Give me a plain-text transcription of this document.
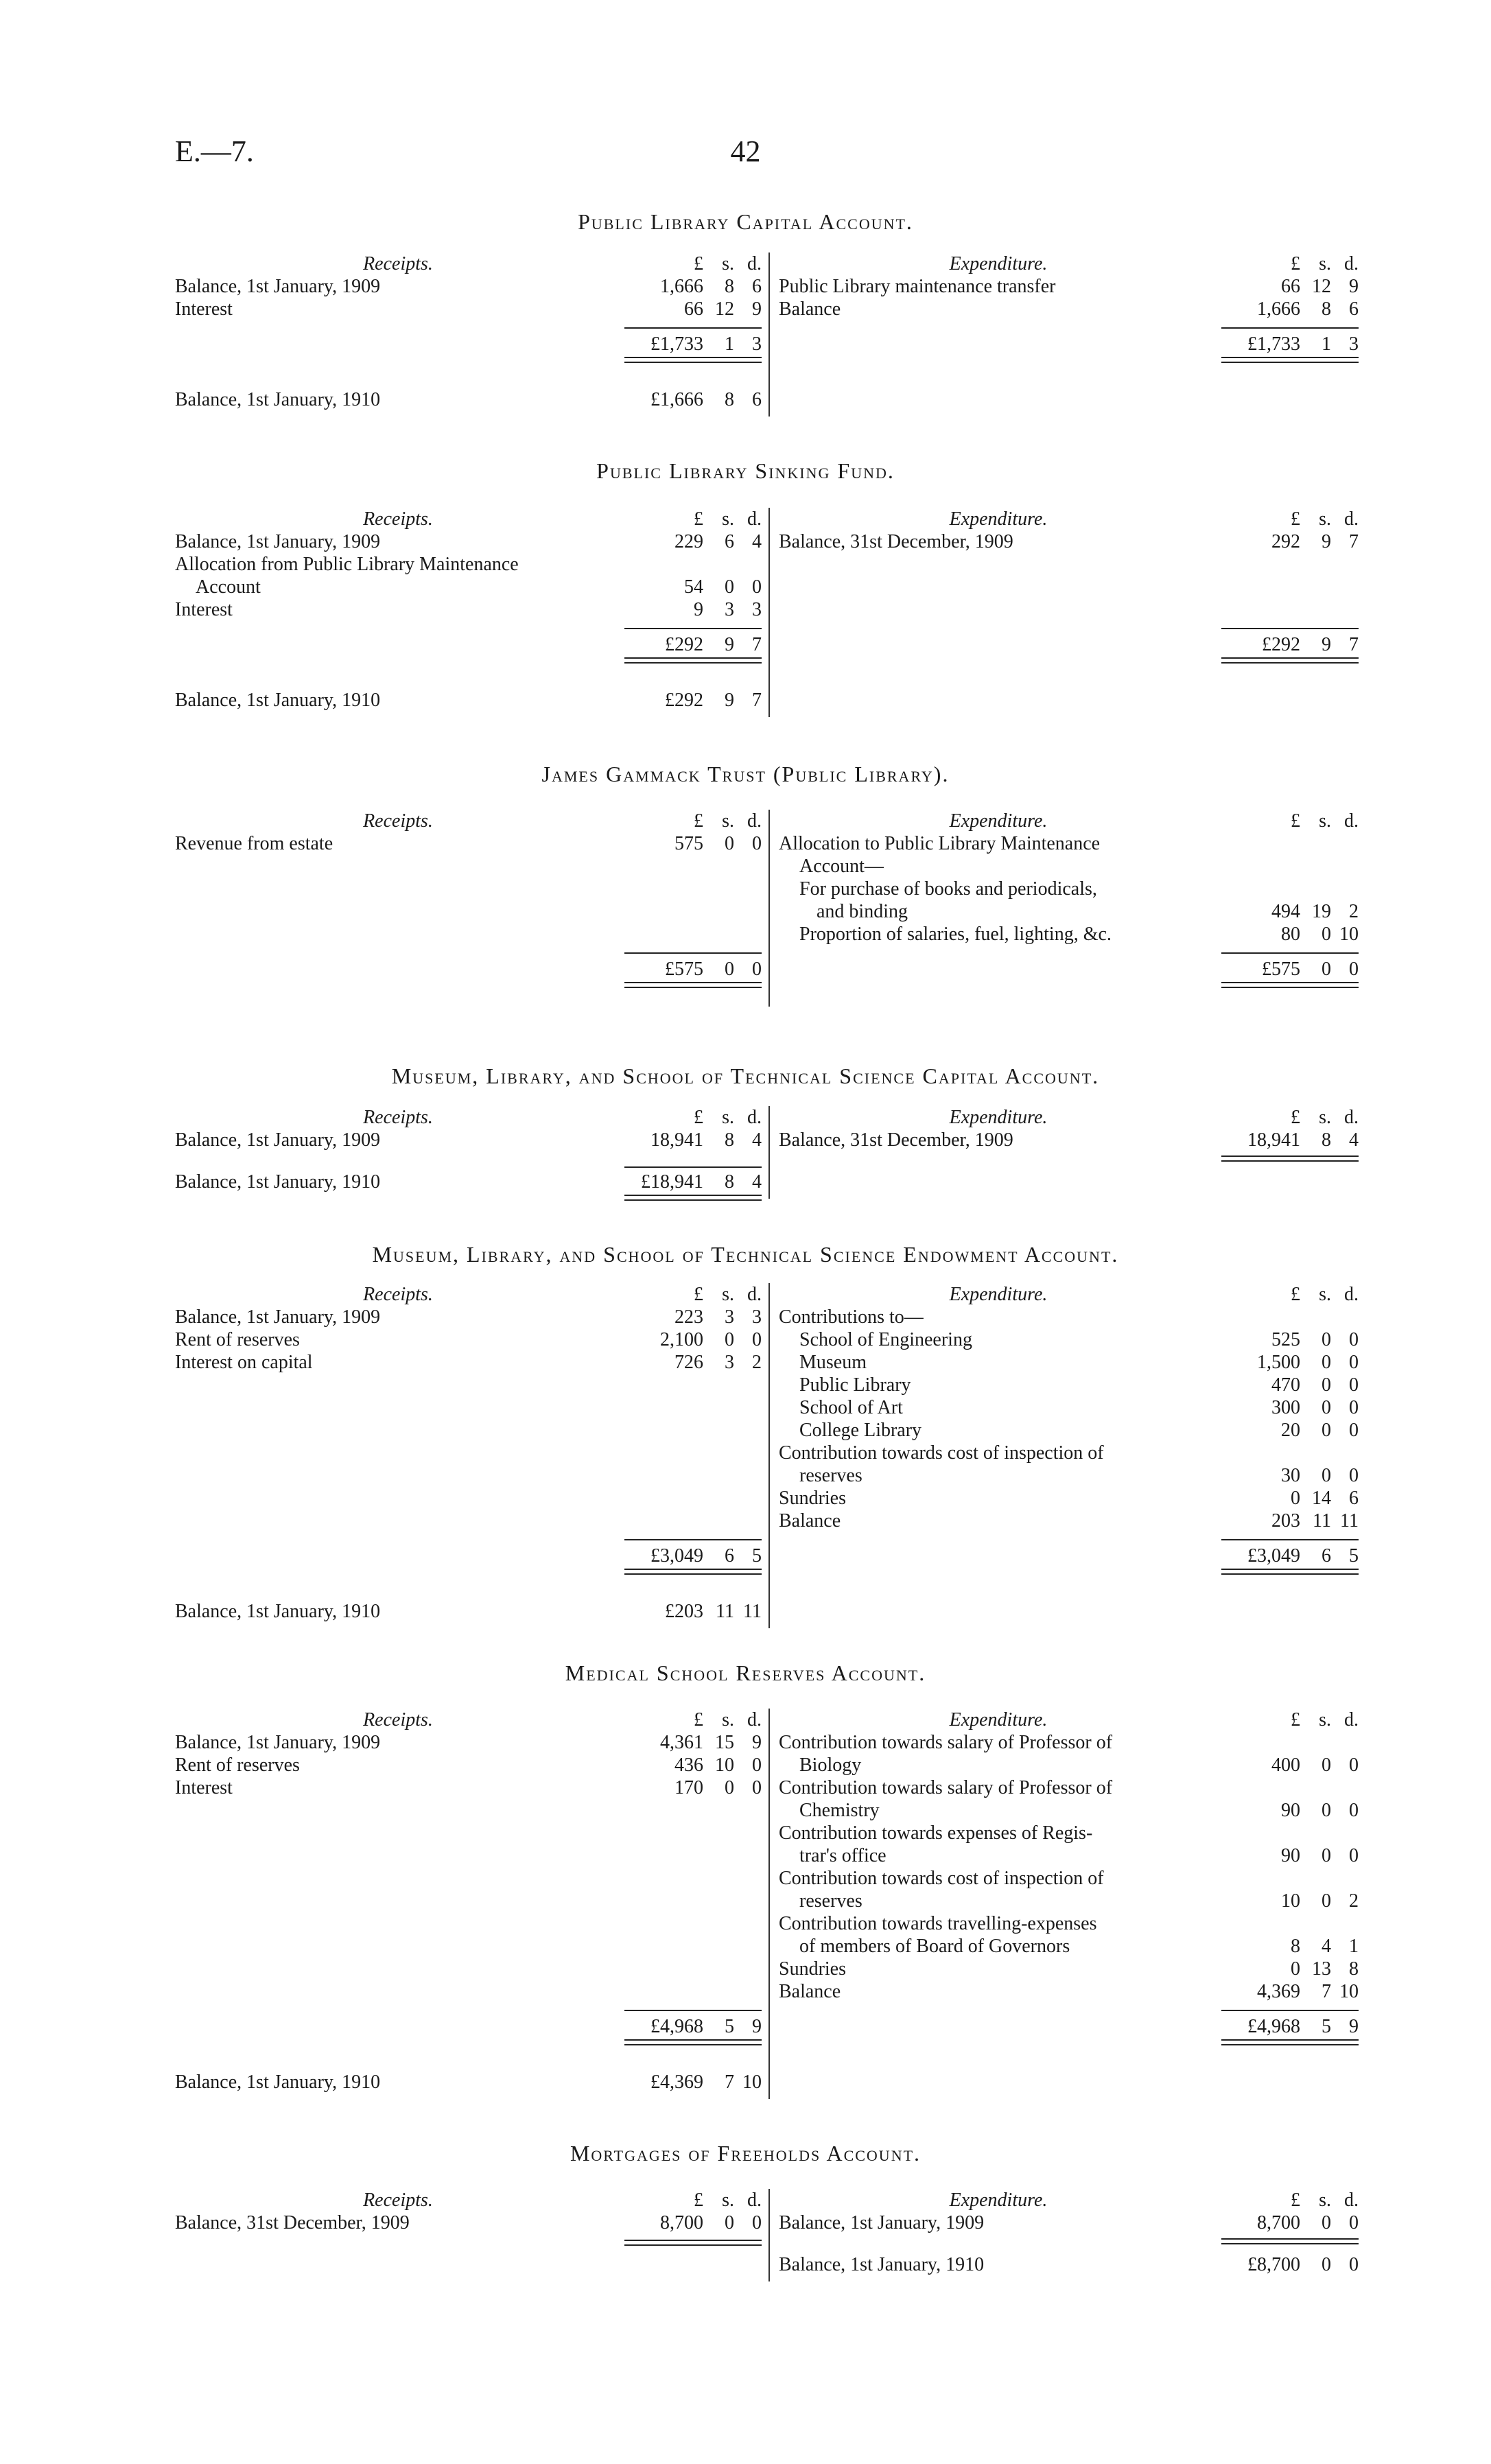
E.—7.	42
Public Library Capital Account.
Receipts.	£ s. d.
Balance, 1st January, 1909	1,666	8 6
Interest	66 12 9
£1,733	1 3
Balance, 1st January, 1910	£1,666	8 6
Expenditure.	£ s. d.
Public Library maintenance transfer	66 12 9
Balance	1,666	8 6
£1,733	1 3
Public Library Sinking Fund.
Receipts.	£ s. d.
Balance, 1st January, 1909	229	6 4
Allocation from Public Library Maintenance
Account	54	0 0
Interest	9	3 3
£292	9 7
Balance, 1st January, 1910	£292	9 7
Expenditure.	£ s. d.
Balance, 31st December, 1909	292	9 7
£292	9 7
James Gammack Trust (Public Library).
Receipts.	£ s. d.
Revenue from estate	575	0 0
£575	0 0
Expenditure.	£ s. d.
Allocation to Public Library Maintenance
Account—
For purchase of books and periodicals,
and binding	494 19 2
Proportion of salaries, fuel, lighting, &c.	80	0 10
£575	0 0
Museum, Library, and School of Technical Science Capital Account.
Receipts.	£ s. d.
Balance, 1st January, 1909	18,941	8 4
Balance, 1st January, 1910	£18,941	8 4
Expenditure.	£ s. d.
Balance, 31st December, 1909	18,941	8 4
Museum, Library, and School of Technical Science Endowment Account.
Receipts.	£ s. d.
Balance, 1st January, 1909	223	3 3
Rent of reserves	2,100	0 0
Interest on capital	726	3 2
£3,049	6 5
Balance, 1st January, 1910	£203 11 11
Expenditure.	£ s. d.
Contributions to—
School of Engineering	525	0 0
Museum	1,500	0 0
Public Library	470	0 0
School of Art	300	0 0
College Library	20	0 0
Contribution towards cost of inspection of
reserves	30	0 0
Sundries	0 14 6
Balance	203 11 11
£3,049	6 5
Medical School Reserves Account.
Receipts.	£ s. d.
Balance, 1st January, 1909	4,361 15 9
Rent of reserves	436 10 0
Interest	170	0 0
£4,968	5 9
Balance, 1st January, 1910	£4,369	7 10
Expenditure.	£ s. d.
Contribution towards salary of Professor of
Biology	400	0 0
Contribution towards salary of Professor of
Chemistry	90	0 0
Contribution towards expenses of Regis-
trar's office	90	0 0
Contribution towards cost of inspection of
reserves	10	0 2
Contribution towards travelling-expenses
of members of Board of Governors	8	4 1
Sundries	0 13 8
Balance	4,369	7 10
£4,968	5 9
Mortgages of Freeholds Account.
Receipts.	£ s. d.
Balance, 31st December, 1909	8,700	0 0
Expenditure.	£ s. d.
Balance, 1st January, 1909	8,700	0 0
Balance, 1st January, 1910	£8,700	0 0
